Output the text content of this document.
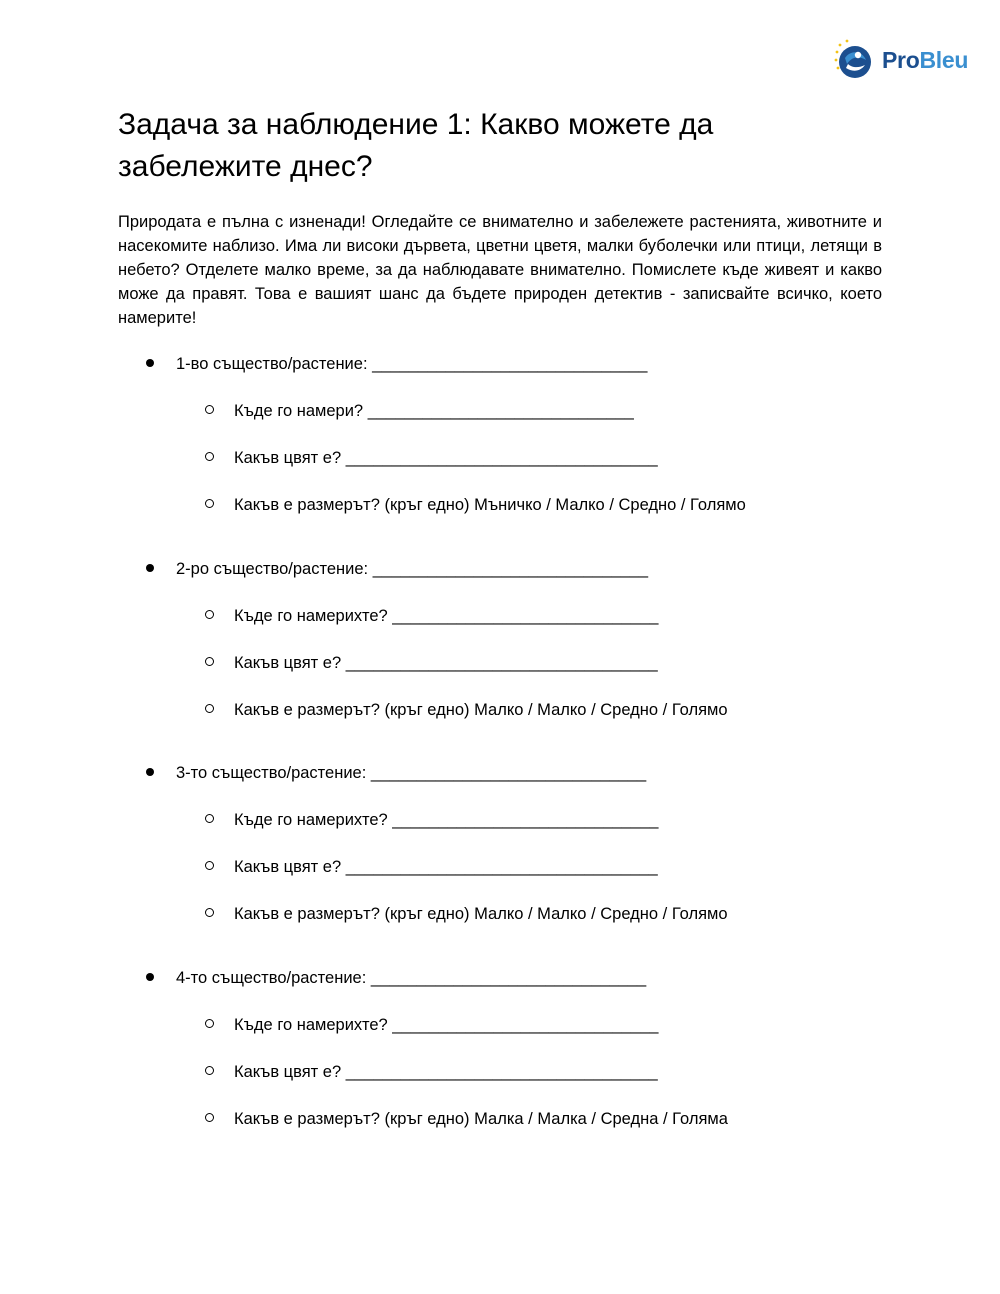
ProBleu
Задача за наблюдение 1: Какво можете да забележите днес?

Природата е пълна с изненади! Огледайте се внимателно и забележете растенията, животните и насекомите наблизо. Има ли високи дървета, цветни цветя, малки буболечки или птици, летящи в небето? Отделете малко време, за да наблюдавате внимателно. Помислете къде живеят и какво може да правят. Това е вашият шанс да бъдете природен детектив - записвайте всичко, което намерите!

1-во същество/растение: ______________________________
Къде го намери? _____________________________
Какъв цвят е? __________________________________
Какъв е размерът? (кръг едно) Мъничко / Малко / Средно / Голямо
2-ро същество/растение: ______________________________
Къде го намерихте? _____________________________
Какъв цвят е? __________________________________
Какъв е размерът? (кръг едно) Малко / Малко / Средно / Голямо
3-то същество/растение: ______________________________
Къде го намерихте? _____________________________
Какъв цвят е? __________________________________
Какъв е размерът? (кръг едно) Малко / Малко / Средно / Голямо
4-то същество/растение: ______________________________
Къде го намерихте? _____________________________
Какъв цвят е? __________________________________
Какъв е размерът? (кръг едно) Малка / Малка / Средна / Голяма
